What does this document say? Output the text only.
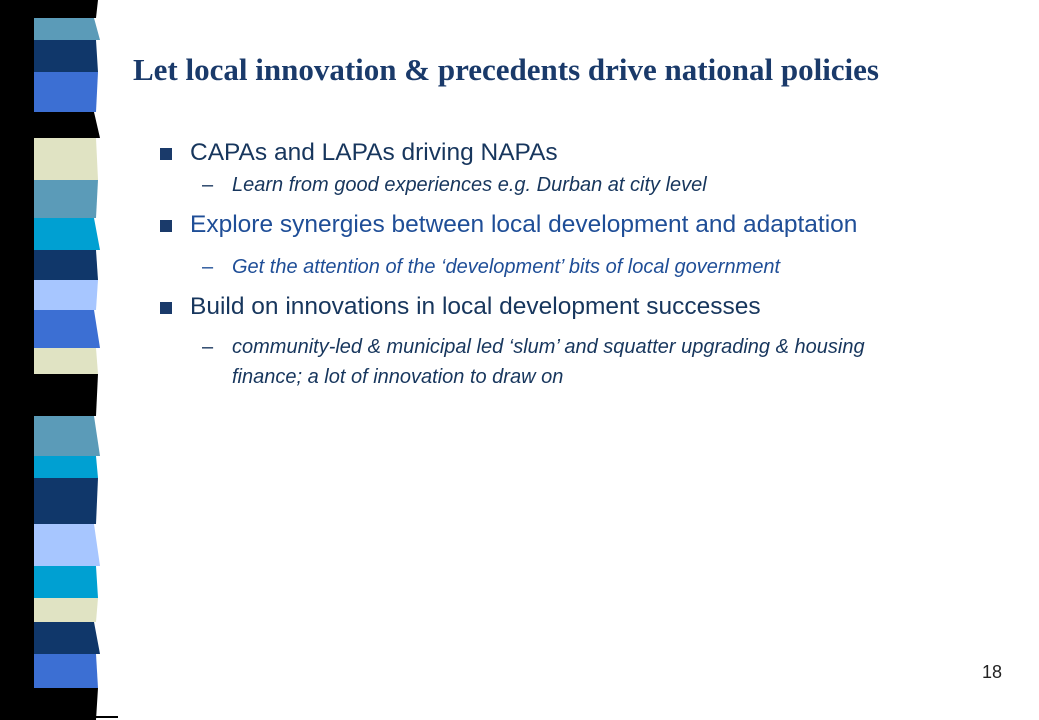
Let local innovation & precedents drive national policies
CAPAs and LAPAs driving NAPAs
– Learn from good experiences e.g. Durban at city level
Explore synergies between local development and adaptation
– Get the attention of the ‘development’ bits of local government
Build on innovations in local development successes
– community-led & municipal led ‘slum’ and squatter upgrading & housing finance; a lot of innovation to draw on
18
